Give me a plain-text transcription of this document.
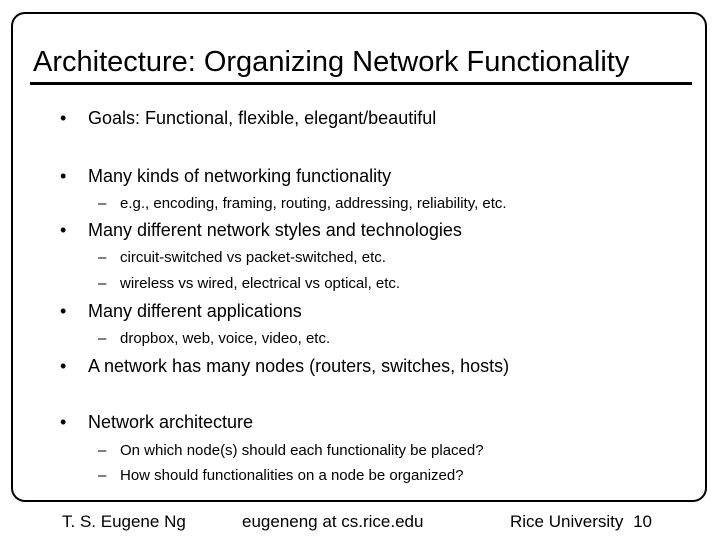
Architecture: Organizing Network Functionality
• Goals: Functional, flexible, elegant/beautiful
• Many kinds of networking functionality
– e.g., encoding, framing, routing, addressing, reliability, etc.
• Many different network styles and technologies
– circuit-switched vs packet-switched, etc.
– wireless vs wired, electrical vs optical, etc.
• Many different applications
– dropbox, web, voice, video, etc.
• A network has many nodes (routers, switches, hosts)
• Network architecture
– On which node(s) should each functionality be placed?
– How should functionalities on a node be organized?
T. S. Eugene Ng	eugeneng at cs.rice.edu	Rice University 10
